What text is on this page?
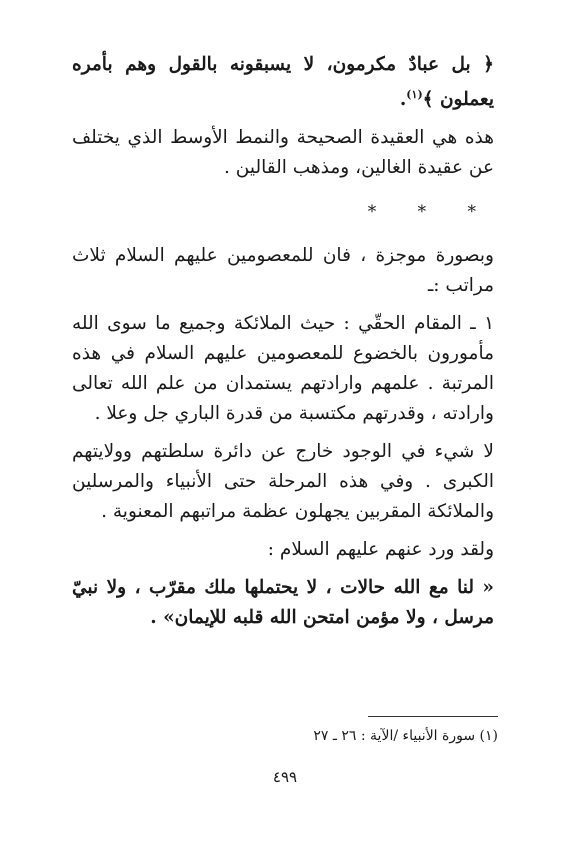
﴿ بل عبادٌ مكرمون، لا يسبقونه بالقول وهم بأمره يعملون ﴾$^{(١)}$.

هذه هي العقيدة الصحيحة والنمط الأوسط الذي يختلف عن عقيدة الغالين، ومذهب القالين .

* * *

وبصورة موجزة ، فان للمعصومين عليهم السلام ثلاث مراتب :ـ

١ ـ المقام الحقّي : حيث الملائكة وجميع ما سوى الله مأمورون بالخضوع للمعصومين عليهم السلام في هذه المرتبة . علمهم وارادتهم يستمدان من علم الله تعالى وارادته ، وقدرتهم مكتسبة من قدرة الباري جل وعلا .

لا شيء في الوجود خارج عن دائرة سلطتهم وولايتهم الكبرى . وفي هذه المرحلة حتى الأنبياء والمرسلين والملائكة المقربين يجهلون عظمة مراتبهم المعنوية .

ولقد ورد عنهم عليهم السلام :

« لنا مع الله حالات ، لا يحتملها ملك مقرّب ، ولا نبيّ مرسل ، ولا مؤمن امتحن الله قلبه للإيمان» .

(١) سورة الأنبياء /الآية : ٢٦ ـ ٢٧
٤٩٩
